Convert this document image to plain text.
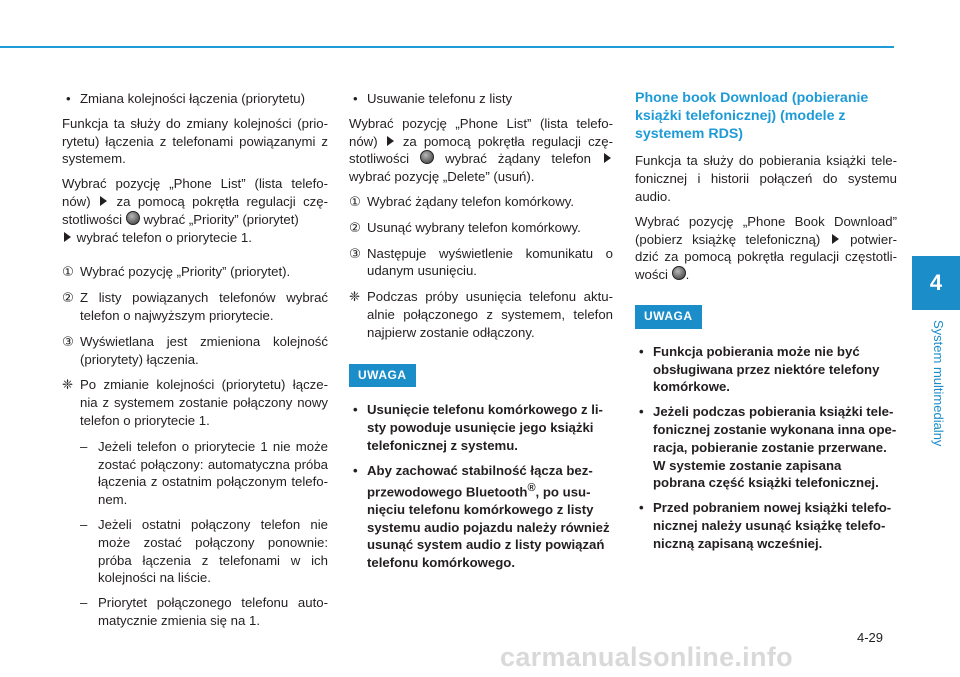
• Zmiana kolejności łączenia (priorytetu)

Funkcja ta służy do zmiany kolejności (prio- rytetu) łączenia z telefonami powiązanymi z systemem.

Wybrać pozycję „Phone List” (lista telefo- nów) za pomocą pokrętła regulacji czę- stotliwości wybrać „Priority” (priorytet)
wybrać telefon o priorytecie 1.

① Wybrać pozycję „Priority” (priorytet).
② Z listy powiązanych telefonów wybrać telefon o najwyższym priorytecie.
③ Wyświetlana jest zmieniona kolejność (priorytety) łączenia.
❈ Po zmianie kolejności (priorytetu) łącze- nia z systemem zostanie połączony nowy telefon o priorytecie 1.
– Jeżeli telefon o priorytecie 1 nie może zostać połączony: automatyczna próba łączenia z ostatnim połączonym telefo- nem.
– Jeżeli ostatni połączony telefon nie może zostać połączony ponownie: próba łączenia z telefonami w ich kolejności na liście.
– Priorytet połączonego telefonu auto- matycznie zmienia się na 1.
• Usuwanie telefonu z listy

Wybrać pozycję „Phone List” (lista telefo- nów) za pomocą pokrętła regulacji czę- stotliwości	wybrać żądany telefon  wybrać pozycję „Delete” (usuń).

① Wybrać żądany telefon komórkowy.
② Usunąć wybrany telefon komórkowy.
③ Następuje wyświetlenie komunikatu o udanym usunięciu.
❈ Podczas próby usunięcia telefonu aktu- alnie połączonego z systemem, telefon najpierw zostanie odłączony.
UWAGA
• Usunięcie telefonu komórkowego z li- sty powoduje usunięcie jego książki telefonicznej z systemu.
• Aby zachować stabilność łącza bez- przewodowego Bluetooth®, po usu- nięciu telefonu komórkowego z listy systemu audio pojazdu należy również usunąć system audio z listy powiązań telefonu komórkowego.
Phone book Download (pobieranie książki telefonicznej) (modele z systemem RDS)

Funkcja ta służy do pobierania książki tele- fonicznej i historii połączeń do systemu audio.

Wybrać pozycję „Phone Book Download” (pobierz książkę telefoniczną) potwier- dzić za pomocą pokrętła regulacji częstotli- wości .

UWAGA
• Funkcja pobierania może nie być obsługiwana przez niektóre telefony komórkowe.
• Jeżeli podczas pobierania książki tele- fonicznej zostanie wykonana inna ope- racja, pobieranie zostanie przerwane. W systemie zostanie zapisana pobrana część książki telefonicznej.
• Przed pobraniem nowej książki telefo- nicznej należy usunąć książkę telefo- niczną zapisaną wcześniej.
4
System multimedialny
4-29
carmanualsonline.info
